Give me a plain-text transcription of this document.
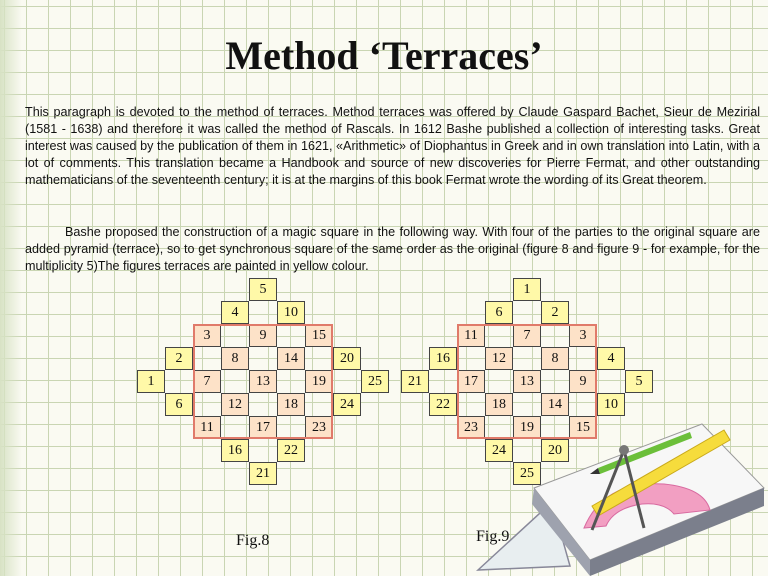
Method ‘Terraces’

This paragraph is devoted to the method of terraces. Method terraces was offered by Claude Gaspard Bachet, Sieur de Mezirial (1581 - 1638) and therefore it was called the method of Rascals. In 1612 Bashe published a collection of interesting tasks. Great interest was caused by the publication of them in 1621, «Arithmetic» of Diophantus in Greek and in own translation into Latin, with a lot of comments. This translation became a Handbook and source of new discoveries for Pierre Fermat, and other outstanding mathematicians of the seventeenth century; it is at the margins of this book Fermat wrote the wording of its Great theorem.

Bashe proposed the construction of a magic square in the following way. With four of the parties to the original square are added pyramid (terrace), so to get synchronous square of the same order as the original (figure 8 and figure 9 - for example, for the multiplicity 5)The figures terraces are painted in yellow colour.

5
4	10
3	9	15
2	8	14	20
1	7	13	19	25
6	12	18	24
11	17	23
16	22
21
Fig.8
1
6	2
11	7	3
16	12	8	4
21	17	13	9	5
22	18	14	10
23	19	15
24	20
25
Fig.9
